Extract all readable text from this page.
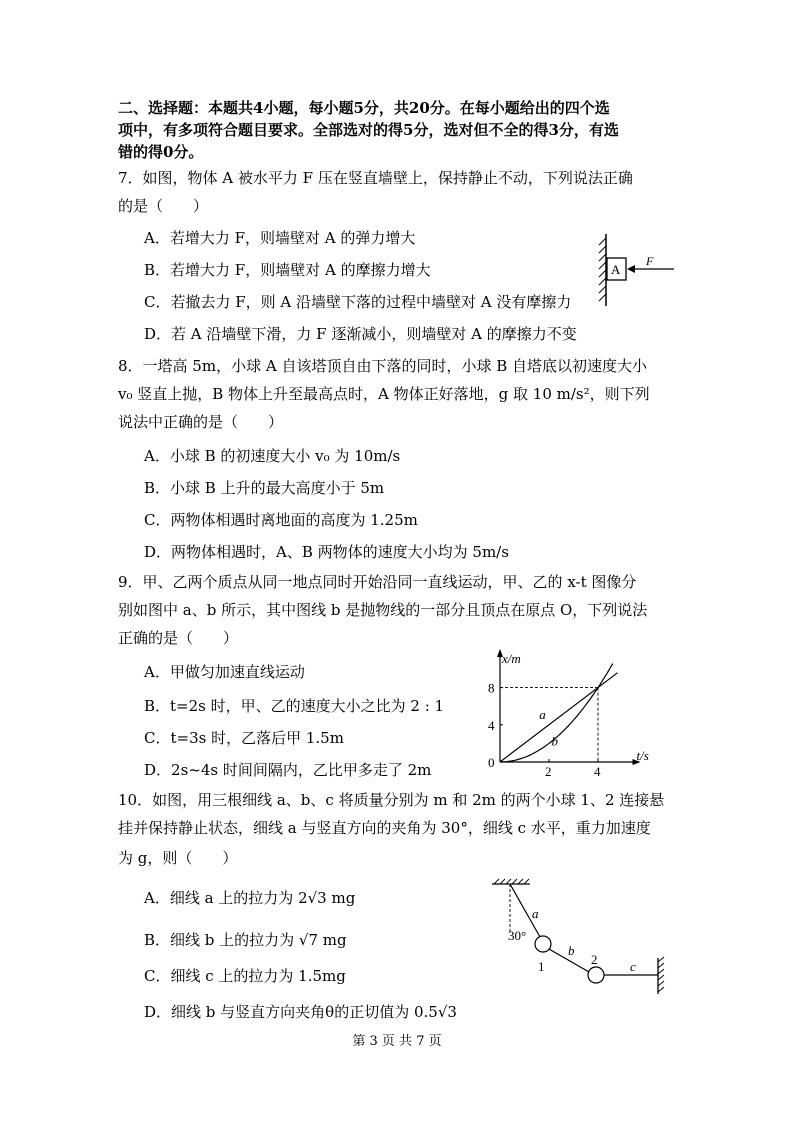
二、选择题：本题共4小题，每小题5分，共20分。在每小题给出的四个选
项中，有多项符合题目要求。全部选对的得5分，选对但不全的得3分，有选
错的得0分。
7．如图，物体 A 被水平力 F 压在竖直墙壁上，保持静止不动，下列说法正确
的是（　　）
A．若增大力 F，则墙壁对 A 的弹力增大
B．若增大力 F，则墙壁对 A 的摩擦力增大
C．若撤去力 F，则 A 沿墙壁下落的过程中墙壁对 A 没有摩擦力
D．若 A 沿墙壁下滑，力 F 逐渐减小，则墙壁对 A 的摩擦力不变
A
F
8．一塔高 5m，小球 A 自该塔顶自由下落的同时，小球 B 自塔底以初速度大小
v₀ 竖直上抛，B 物体上升至最高点时，A 物体正好落地，g 取 10 m/s²，则下列
说法中正确的是（　　）
A．小球 B 的初速度大小 v₀ 为 10m/s
B．小球 B 上升的最大高度小于 5m
C．两物体相遇时离地面的高度为 1.25m
D．两物体相遇时，A、B 两物体的速度大小均为 5m/s
9．甲、乙两个质点从同一地点同时开始沿同一直线运动，甲、乙的 x-t 图像分
别如图中 a、b 所示，其中图线 b 是抛物线的一部分且顶点在原点 O，下列说法
正确的是（　　）
A．甲做匀加速直线运动
B．t=2s 时，甲、乙的速度大小之比为 2 : 1
C．t=3s 时，乙落后甲 1.5m
D．2s~4s 时间间隔内，乙比甲多走了 2m
a
b
2	4
4
8
x/m
t/s
0
10．如图，用三根细线 a、b、c 将质量分别为 m 和 2m 的两个小球 1、2 连接悬
挂并保持静止状态，细线 a 与竖直方向的夹角为 30°，细线 c 水平，重力加速度
为 g，则（　　）
A．细线 a 上的拉力为 2√3 mg
B．细线 b 上的拉力为 √7 mg
C．细线 c 上的拉力为 1.5mg
D．细线 b 与竖直方向夹角θ的正切值为 0.5√3
a
30°
1
b
2	c
第 3 页 共 7 页
